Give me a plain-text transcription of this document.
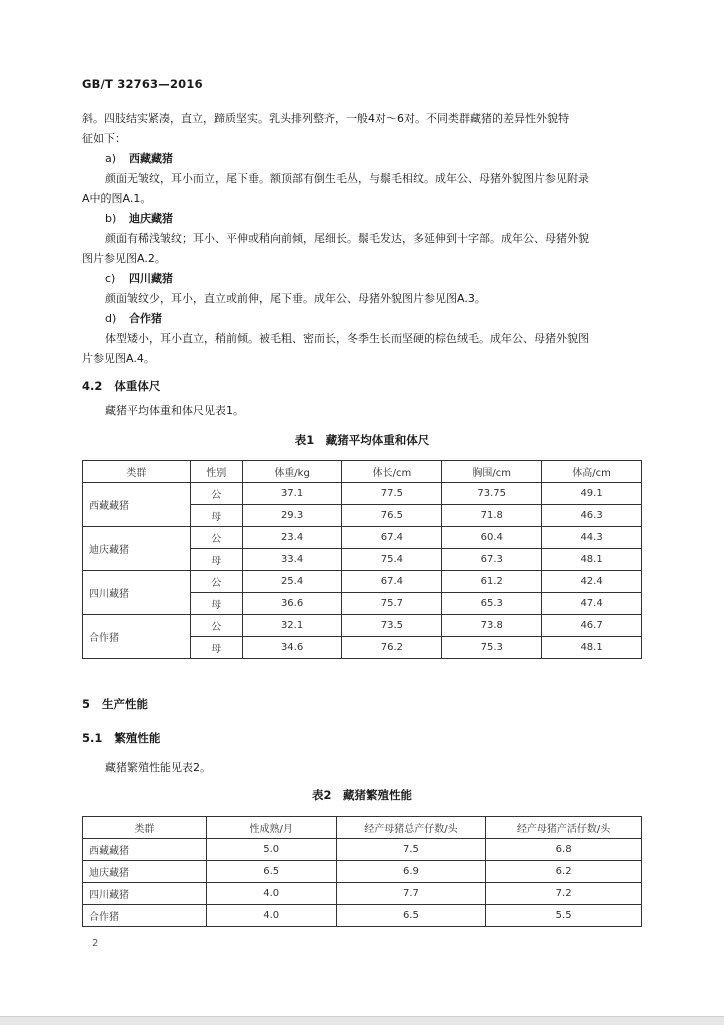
GB/T 32763—2016
斜。四肢结实紧凑，直立，蹄质坚实。乳头排列整齐，一般4对～6对。不同类群藏猪的差异性外貌特
征如下：
a) 西藏藏猪
颜面无皱纹，耳小而立，尾下垂。额顶部有倒生毛丛，与鬃毛相纹。成年公、母猪外貌图片参见附录
A中的图A.1。
b) 迪庆藏猪
颜面有稀浅皱纹；耳小、平伸或稍向前倾，尾细长。鬃毛发达，多延伸到十字部。成年公、母猪外貌
图片参见图A.2。
c) 四川藏猪
颜面皱纹少，耳小，直立或前伸，尾下垂。成年公、母猪外貌图片参见图A.3。
d) 合作猪
体型矮小，耳小直立，稍前倾。被毛粗、密而长，冬季生长而坚硬的棕色绒毛。成年公、母猪外貌图
片参见图A.4。
4.2 体重体尺
藏猪平均体重和体尺见表1。
表1　藏猪平均体重和体尺
类群	性别	体重/kg	体长/cm	胸围/cm	体高/cm
西藏藏猪	公	37.1	77.5	73.75	49.1
	母	29.3	76.5	71.8	46.3
迪庆藏猪	公	23.4	67.4	60.4	44.3
	母	33.4	75.4	67.3	48.1
四川藏猪	公	25.4	67.4	61.2	42.4
	母	36.6	75.7	65.3	47.4
合作猪	公	32.1	73.5	73.8	46.7
	母	34.6	76.2	75.3	48.1
5 生产性能
5.1 繁殖性能
藏猪繁殖性能见表2。
表2　藏猪繁殖性能
类群	性成熟/月	经产母猪总产仔数/头	经产母猪产活仔数/头
西藏藏猪	5.0	7.5	6.8
迪庆藏猪	6.5	6.9	6.2
四川藏猪	4.0	7.7	7.2
合作猪	4.0	6.5	5.5
2
